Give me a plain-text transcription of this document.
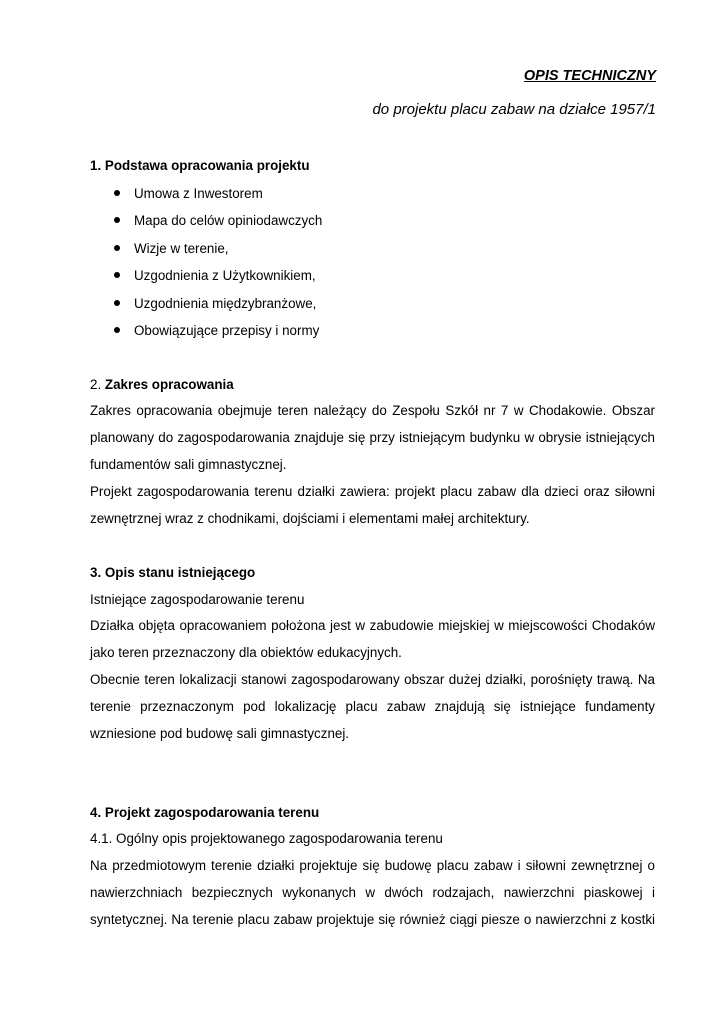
OPIS TECHNICZNY
do projektu placu zabaw na działce 1957/1
1. Podstawa opracowania projektu
Umowa z Inwestorem
Mapa do celów opiniodawczych
Wizje w terenie,
Uzgodnienia z Użytkownikiem,
Uzgodnienia międzybranżowe,
Obowiązujące przepisy i normy
2. Zakres opracowania
Zakres opracowania obejmuje teren należący do Zespołu Szkół nr 7 w Chodakowie. Obszar
planowany do zagospodarowania znajduje się przy istniejącym budynku w obrysie istniejących
fundamentów sali gimnastycznej.
Projekt zagospodarowania terenu działki zawiera: projekt placu zabaw dla dzieci oraz siłowni
zewnętrznej wraz z chodnikami, dojściami i elementami małej architektury.
3. Opis stanu istniejącego
Istniejące zagospodarowanie terenu
Działka objęta opracowaniem położona jest w zabudowie miejskiej w miejscowości Chodaków
jako teren przeznaczony dla obiektów edukacyjnych.
Obecnie teren lokalizacji stanowi zagospodarowany obszar dużej działki, porośnięty trawą. Na
terenie przeznaczonym pod lokalizację placu zabaw znajdują się istniejące fundamenty
wzniesione pod budowę sali gimnastycznej.
4. Projekt zagospodarowania terenu
4.1. Ogólny opis projektowanego zagospodarowania terenu
Na przedmiotowym terenie działki projektuje się budowę placu zabaw i siłowni zewnętrznej o
nawierzchniach bezpiecznych wykonanych w dwóch rodzajach, nawierzchni piaskowej i
syntetycznej. Na terenie placu zabaw projektuje się również ciągi piesze o nawierzchni z kostki
